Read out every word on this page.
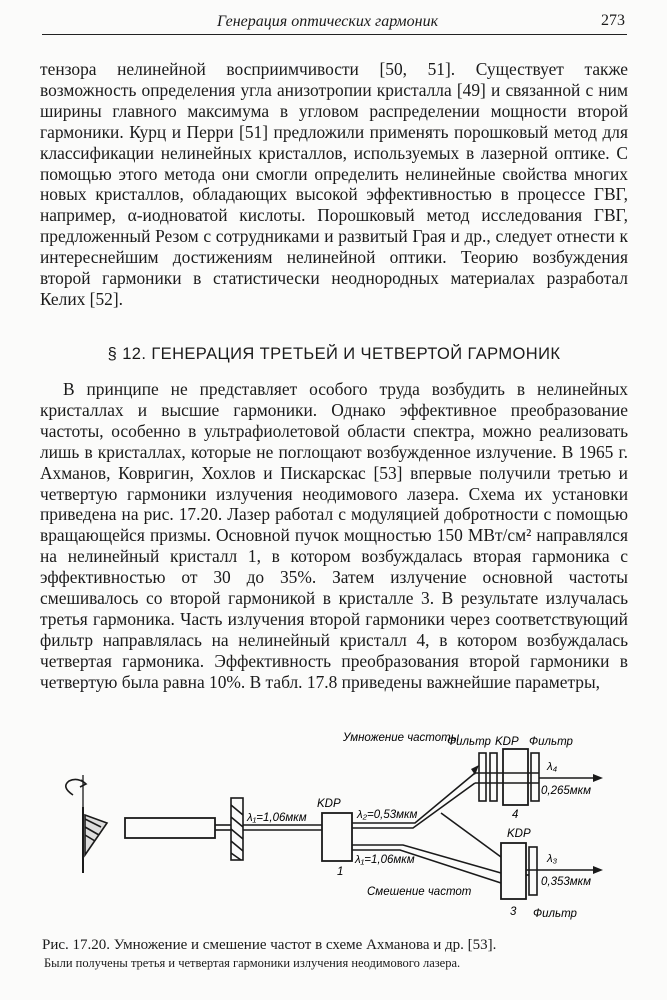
Генерация оптических гармоник	273

тензора нелинейной восприимчивости [50, 51]. Существует также возможность определения угла анизотропии кристалла [49] и связанной с ним ширины главного максимума в угловом распределении мощности второй гармоники. Курц и Перри [51] предложили применять порошковый метод для классификации нелинейных кристаллов, используемых в лазерной оптике. С помощью этого метода они смогли определить нелинейные свойства многих новых кристаллов, обладающих высокой эффективностью в процессе ГВГ, например, α-иодноватой кислоты. Порошковый метод исследования ГВГ, предложенный Резом с сотрудниками и развитый Грая и др., следует отнести к интереснейшим достижениям нелинейной оптики. Теорию возбуждения второй гармоники в статистически неоднородных материалах разработал Келих [52].

§ 12. ГЕНЕРАЦИЯ ТРЕТЬЕЙ И ЧЕТВЕРТОЙ ГАРМОНИК

В принципе не представляет особого труда возбудить в нелинейных кристаллах и высшие гармоники. Однако эффективное преобразование частоты, особенно в ультрафиолетовой области спектра, можно реализовать лишь в кристаллах, которые не поглощают возбужденное излучение. В 1965 г. Ахманов, Ковригин, Хохлов и Пискарскас [53] впервые получили третью и четвертую гармоники излучения неодимового лазера. Схема их установки приведена на рис. 17.20. Лазер работал с модуляцией добротности с помощью вращающейся призмы. Основной пучок мощностью 150 МВт/см² направлялся на нелинейный кристалл 1, в котором возбуждалась вторая гармоника с эффективностью от 30 до 35%. Затем излучение основной частоты смешивалось со второй гармоникой в кристалле 3. В результате излучалась третья гармоника. Часть излучения второй гармоники через соответствующий фильтр направлялась на нелинейный кристалл 4, в котором возбуждалась четвертая гармоника. Эффективность преобразования второй гармоники в четвертую была равна 10%. В табл. 17.8 приведены важнейшие параметры,

Умножение частоты
Смешение частот
Фильтр KDP Фильтр
KDP
KDP
Фильтр
λ₁=1,06мкм	λ₂=0,53мкм
λ₁=1,06мкм
λ₄
0,265мкм
λ₃
0,353мкм
1
3
4

Рис. 17.20. Умножение и смешение частот в схеме Ахманова и др. [53].
Были получены третья и четвертая гармоники излучения неодимового лазера.
